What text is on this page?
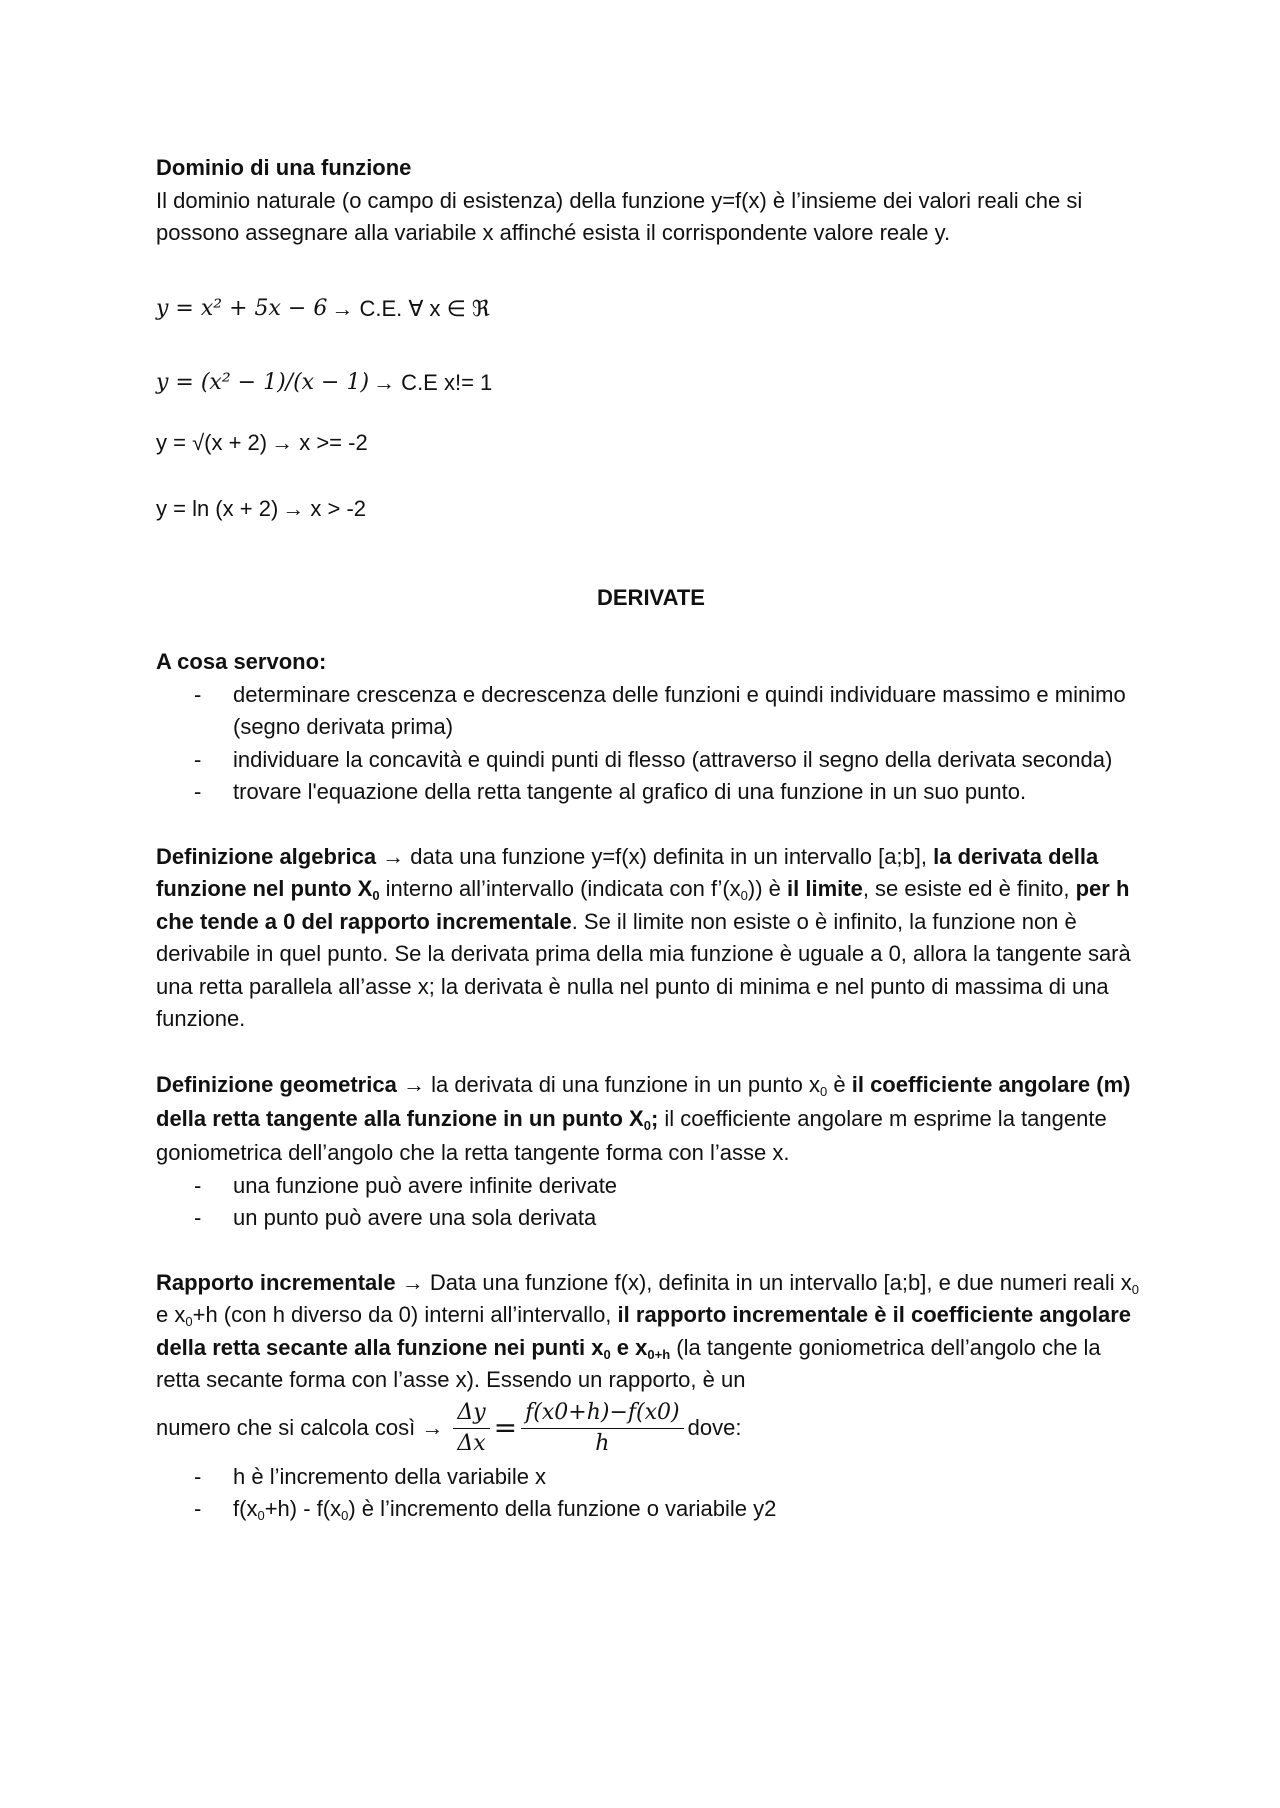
Dominio di una funzione

Il dominio naturale (o campo di esistenza) della funzione y=f(x) è l’insieme dei valori reali che si possono assegnare alla variabile x affinché esista il corrispondente valore reale y.

y = x² + 5x − 6 → C.E. ∀ x ∈ ℜ
y = (x² − 1)/(x − 1) → C.E x!= 1
y = √(x + 2) → x >= -2
y = ln (x + 2) → x > -2

DERIVATE

A cosa servono:

- determinare crescenza e decrescenza delle funzioni e quindi individuare massimo e minimo (segno derivata prima)
- individuare la concavità e quindi punti di flesso (attraverso il segno della derivata seconda)
- trovare l'equazione della retta tangente al grafico di una funzione in un suo punto.

Definizione algebrica → data una funzione y=f(x) definita in un intervallo [a;b], la derivata della funzione nel punto $X_0$ interno all’intervallo (indicata con $f’(x_0)$) è il limite, se esiste ed è finito, per h che tende a 0 del rapporto incrementale. Se il limite non esiste o è infinito, la funzione non è derivabile in quel punto. Se la derivata prima della mia funzione è uguale a 0, allora la tangente sarà una retta parallela all’asse x; la derivata è nulla nel punto di minima e nel punto di massima di una funzione.

Definizione geometrica → la derivata di una funzione in un punto $x_0$ è il coefficiente angolare (m) della retta tangente alla funzione in un punto $X_0$; il coefficiente angolare m esprime la tangente goniometrica dell’angolo che la retta tangente forma con l’asse x.

- una funzione può avere infinite derivate
- un punto può avere una sola derivata

Rapporto incrementale → Data una funzione f(x), definita in un intervallo [a;b], e due numeri reali $x_0$ e $x_0+h$ (con h diverso da 0) interni all’intervallo, il rapporto incrementale è il coefficiente angolare della retta secante alla funzione nei punti $x_0$ e $x_{0+h}$ (la tangente goniometrica dell’angolo che la retta secante forma con l’asse x). Essendo un rapporto, è un

numero che si calcola così → $\frac{\Delta y}{\Delta x} = \frac{f(x0+h)-f(x0)}{h}$ dove:
- h è l’incremento della variabile x
- $f(x_0+h) - f(x_0)$ è l’incremento della funzione o variabile y2
